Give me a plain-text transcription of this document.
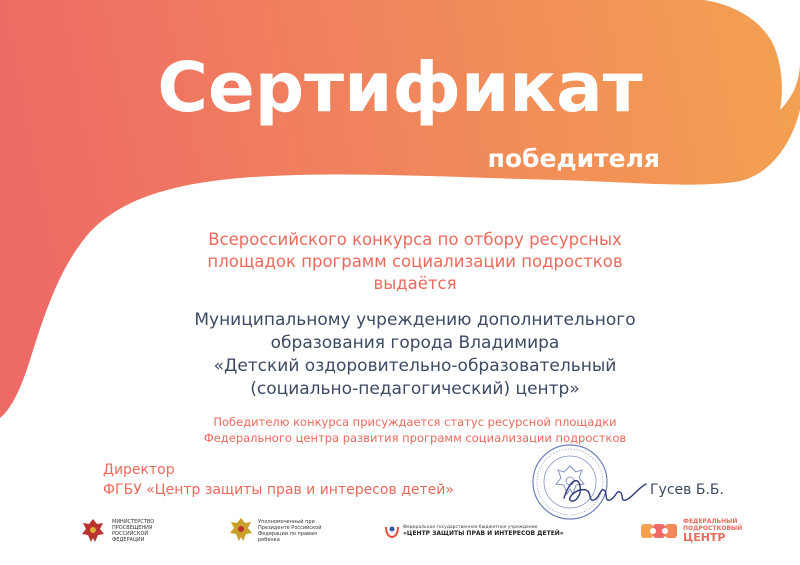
Сертификат
победителя
Всероссийского конкурса по отбору ресурсных
площадок программ социализации подростков
выдаётся
Муниципальному учреждению дополнительного
образования города Владимира
«Детский оздоровительно-образовательный
(социально-педагогический) центр»
Победителю конкурса присуждается статус ресурсной площадки
Федерального центра развития программ социализации подростков
Директор
ФГБУ «Центр защиты прав и интересов детей»	Гусев Б.Б.
МИНИСТЕРСТВО
ПРОСВЕЩЕНИЯ
РОССИЙСКОЙ
ФЕДЕРАЦИИ
Уполномоченный при
Президенте Российской
Федерации по правам
ребенка
Федеральное государственное бюджетное учреждение
«ЦЕНТР ЗАЩИТЫ ПРАВ И ИНТЕРЕСОВ ДЕТЕЙ»
ФЕДЕРАЛЬНЫЙ
ПОДРОСТКОВЫЙ
ЦЕНТР
